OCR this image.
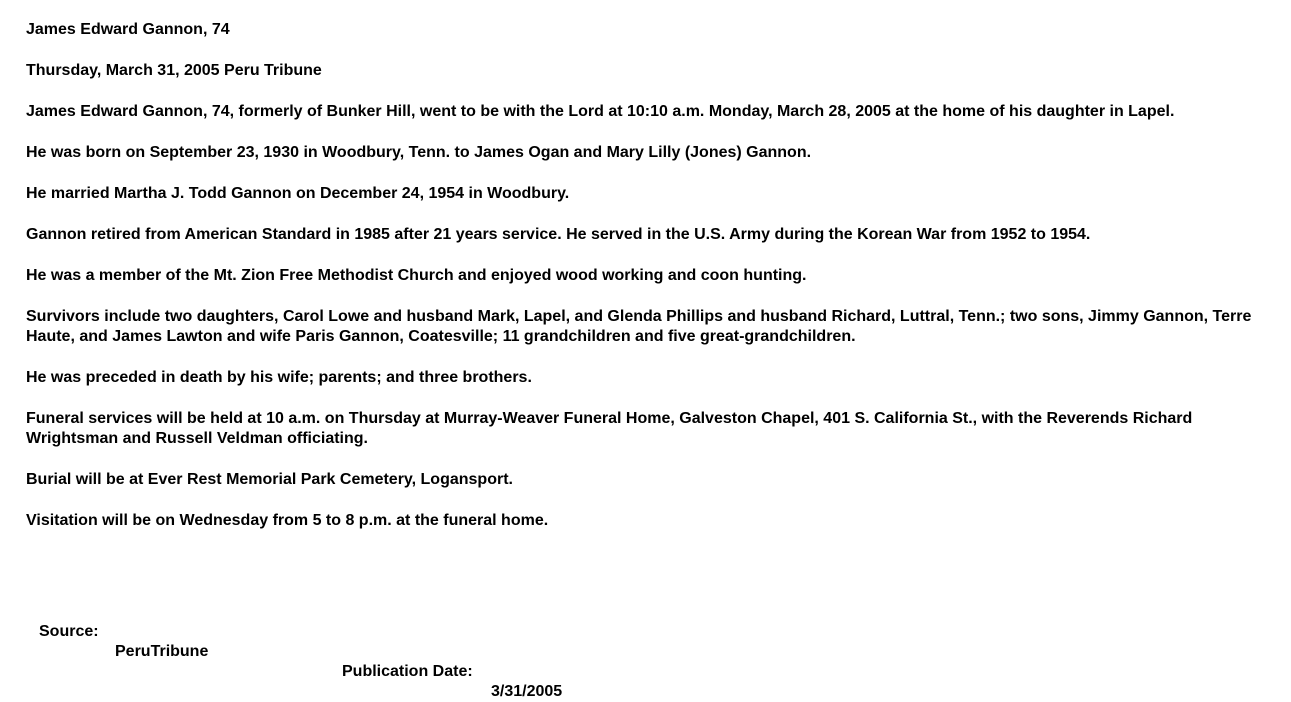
James Edward Gannon, 74

Thursday, March 31, 2005 Peru Tribune

James Edward Gannon, 74, formerly of Bunker Hill, went to be with the Lord at 10:10 a.m. Monday, March 28, 2005 at the home of his daughter in Lapel.

He was born on September 23, 1930 in Woodbury, Tenn. to James Ogan and Mary Lilly (Jones) Gannon.

He married Martha J. Todd Gannon on December 24, 1954 in Woodbury.

Gannon retired from American Standard in 1985 after 21 years service. He served in the U.S. Army during the Korean War from 1952 to 1954.

He was a member of the Mt. Zion Free Methodist Church and enjoyed wood working and coon hunting.

Survivors include two daughters, Carol Lowe and husband Mark, Lapel, and Glenda Phillips and husband Richard, Luttral, Tenn.; two sons, Jimmy Gannon, Terre Haute, and James Lawton and wife Paris Gannon, Coatesville; 11 grandchildren and five great-grandchildren.

He was preceded in death by his wife; parents; and three brothers.

Funeral services will be held at 10 a.m. on Thursday at Murray-Weaver Funeral Home, Galveston Chapel, 401 S. California St., with the Reverends Richard Wrightsman and Russell Veldman officiating.

Burial will be at Ever Rest Memorial Park Cemetery, Logansport.

Visitation will be on Wednesday from 5 to 8 p.m. at the funeral home.

Source:

PeruTribune

Publication Date:

3/31/2005
